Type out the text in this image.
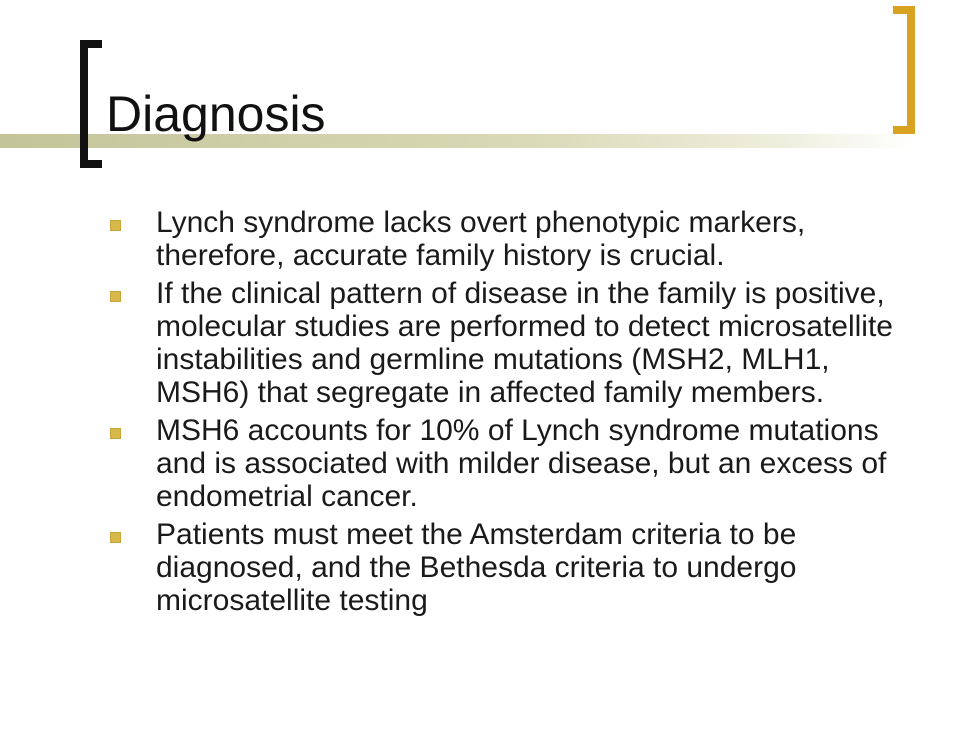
Diagnosis
Lynch syndrome lacks overt phenotypic markers, therefore, accurate family history is crucial.
If the clinical pattern of disease in the family is positive, molecular studies are performed to detect microsatellite instabilities and germline mutations (MSH2, MLH1, MSH6) that segregate in affected family members.
MSH6 accounts for 10% of Lynch syndrome mutations and is associated with milder disease, but an excess of endometrial cancer.
Patients must meet the Amsterdam criteria to be diagnosed, and the Bethesda criteria to undergo microsatellite testing
